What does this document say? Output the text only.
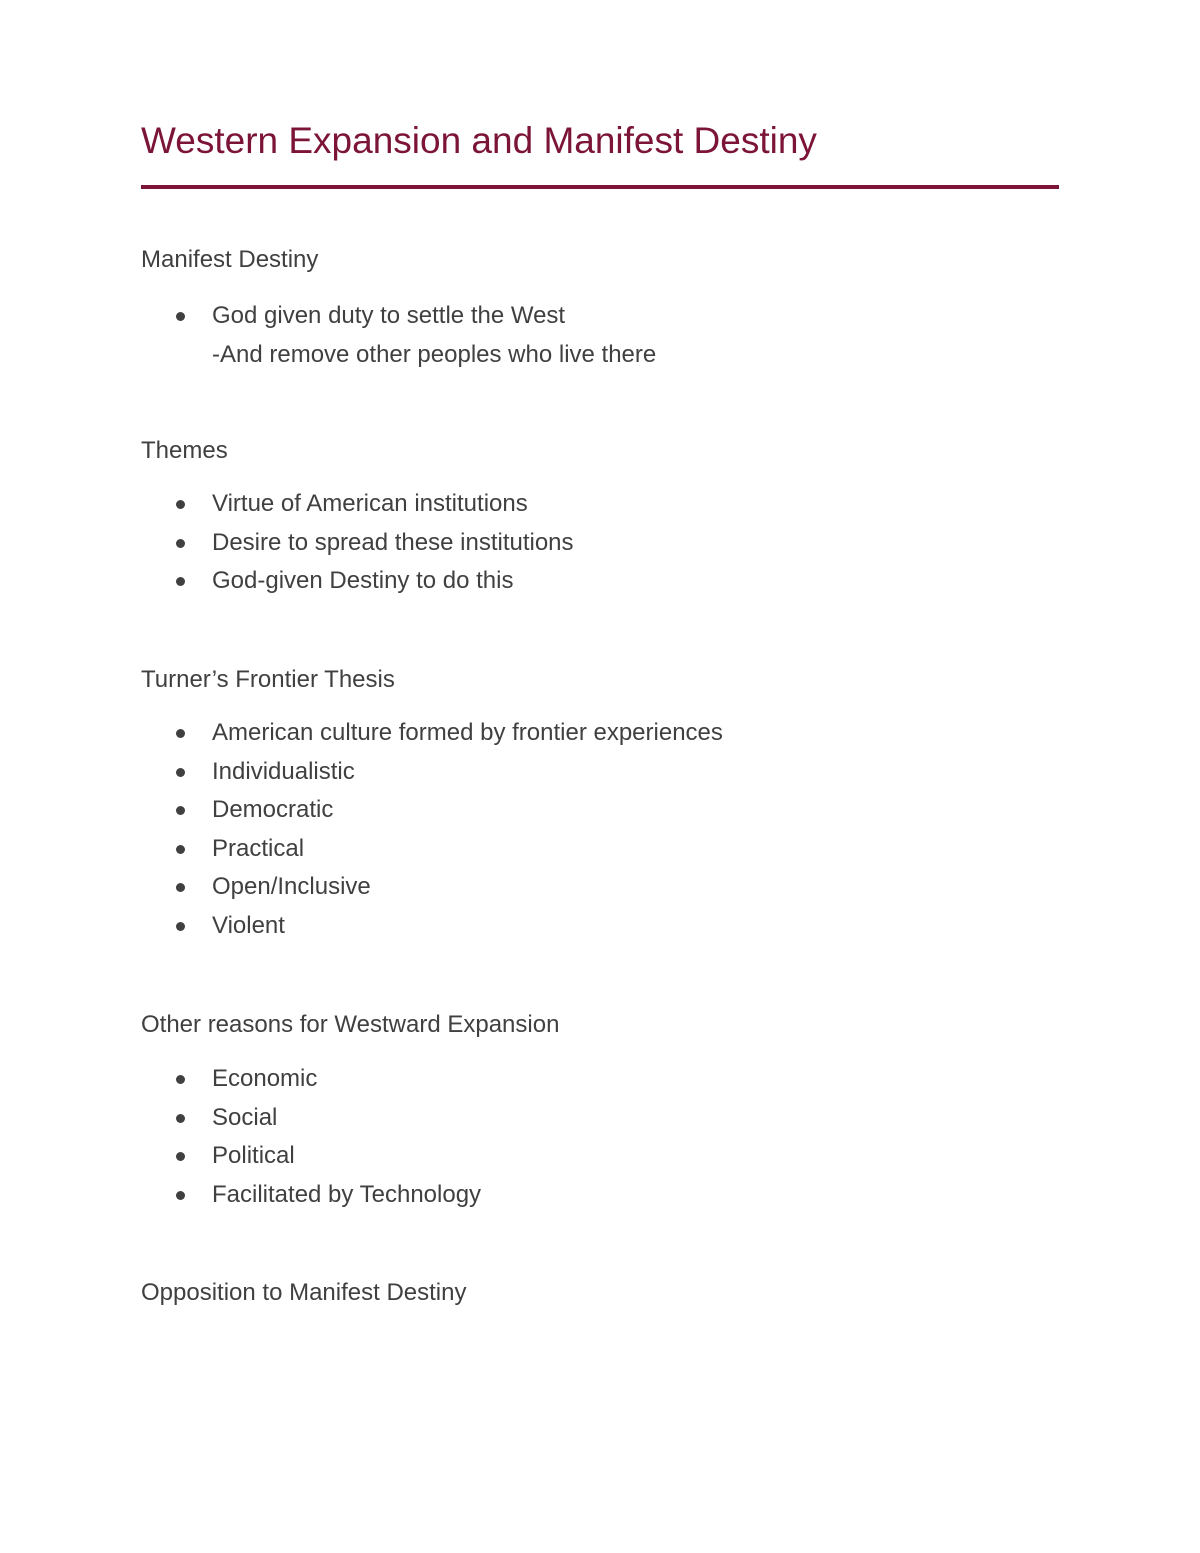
Western Expansion and Manifest Destiny
Manifest Destiny
God given duty to settle the West
-And remove other peoples who live there
Themes
Virtue of American institutions
Desire to spread these institutions
God-given Destiny to do this
Turner’s Frontier Thesis
American culture formed by frontier experiences
Individualistic
Democratic
Practical
Open/Inclusive
Violent
Other reasons for Westward Expansion
Economic
Social
Political
Facilitated by Technology
Opposition to Manifest Destiny
